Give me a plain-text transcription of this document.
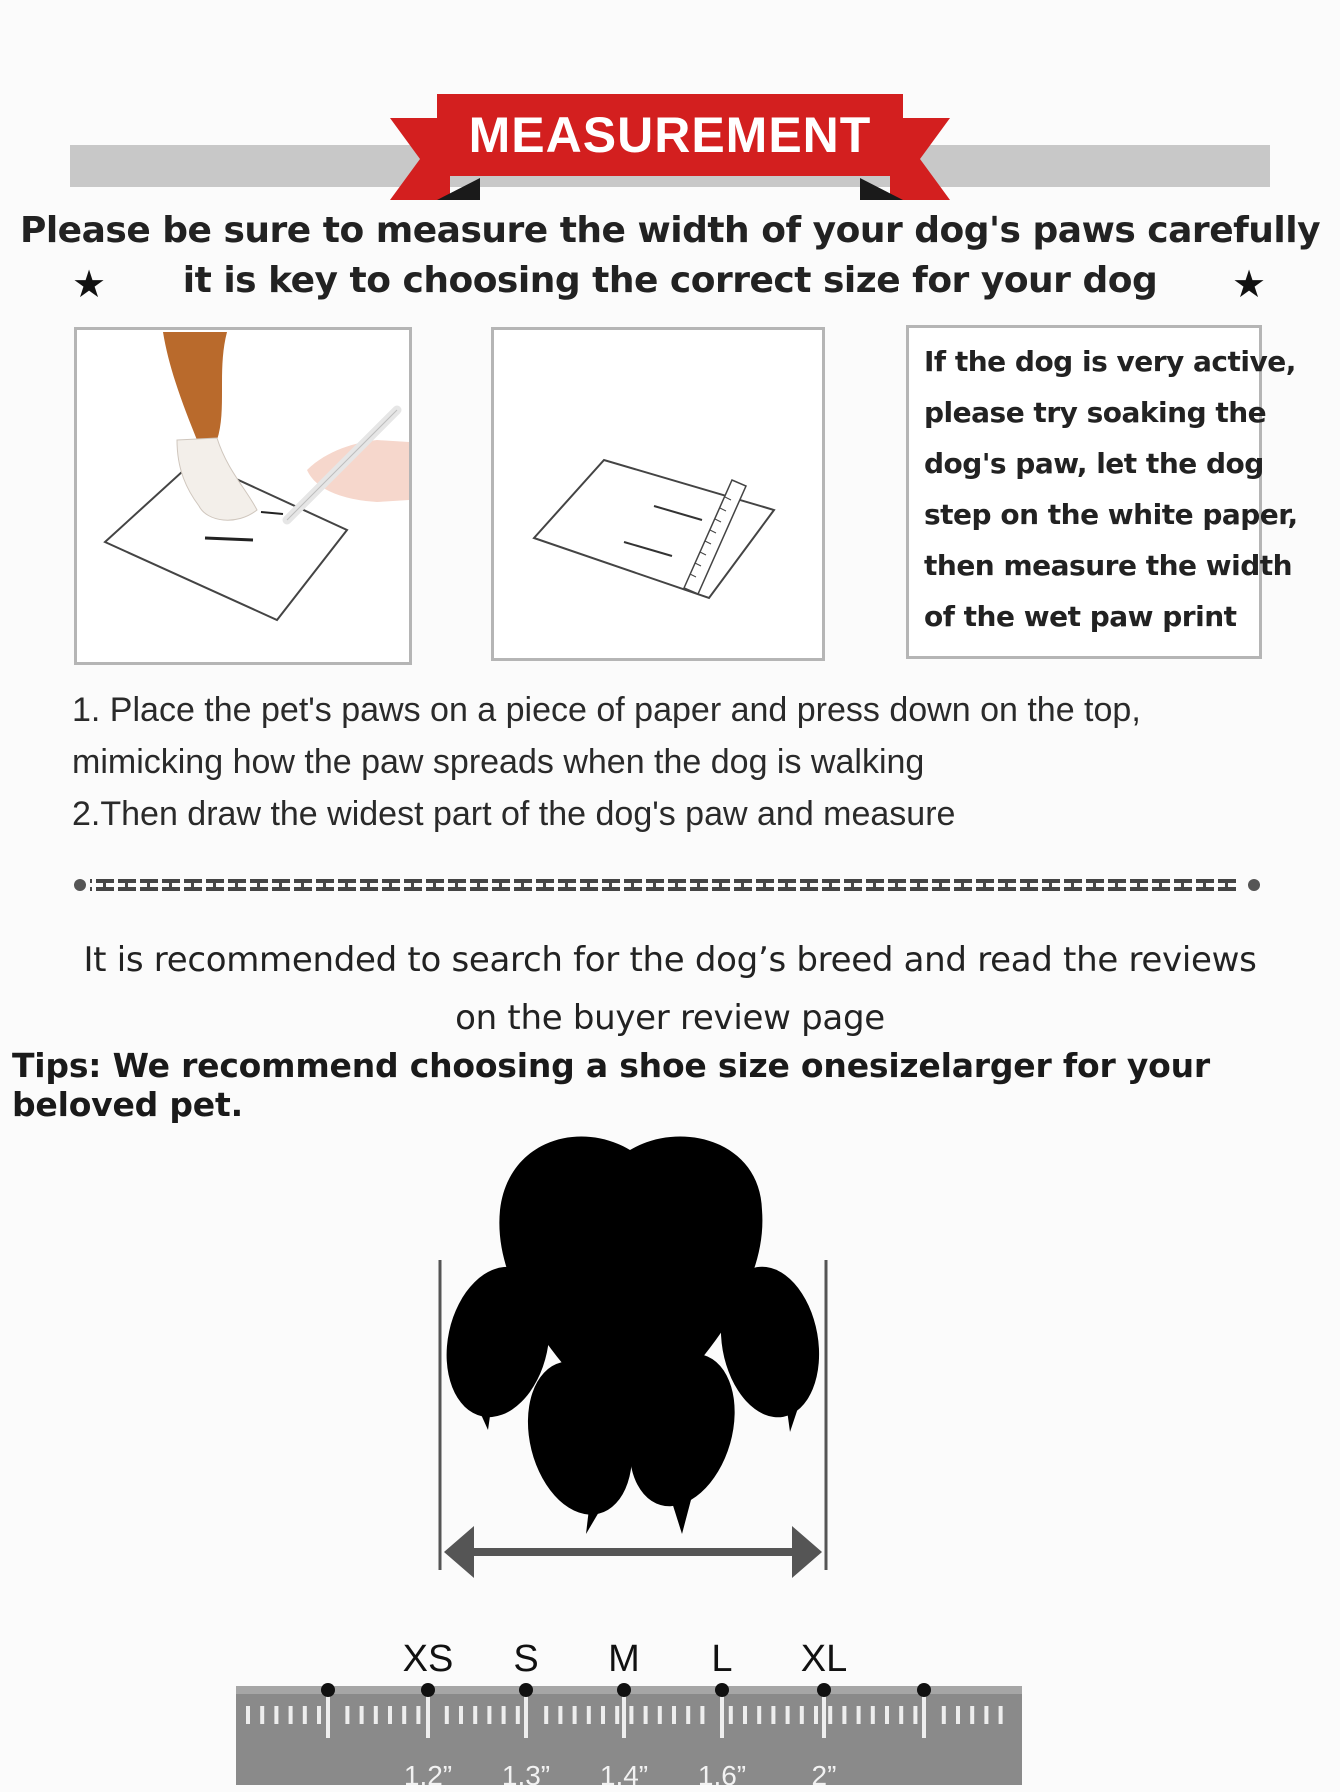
MEASUREMENT
Please be sure to measure the width of your dog's paws carefully
it is key to choosing the correct size for your dog
★	★
If the dog is very active,
please try soaking the
dog's paw, let the dog
step on the white paper,
then measure the width
of the wet paw print
1. Place the pet's paws on a piece of paper and press down on the top,
mimicking how the paw spreads when the dog is walking
2.Then draw the widest part of the dog's paw and measure
It is recommended to search for the dog’s breed and read the reviews
on the buyer review page
Tips: We recommend choosing a shoe size onesizelarger for your beloved pet.
XS S M L XL
1.2” 1.3” 1.4” 1.6” 2”
